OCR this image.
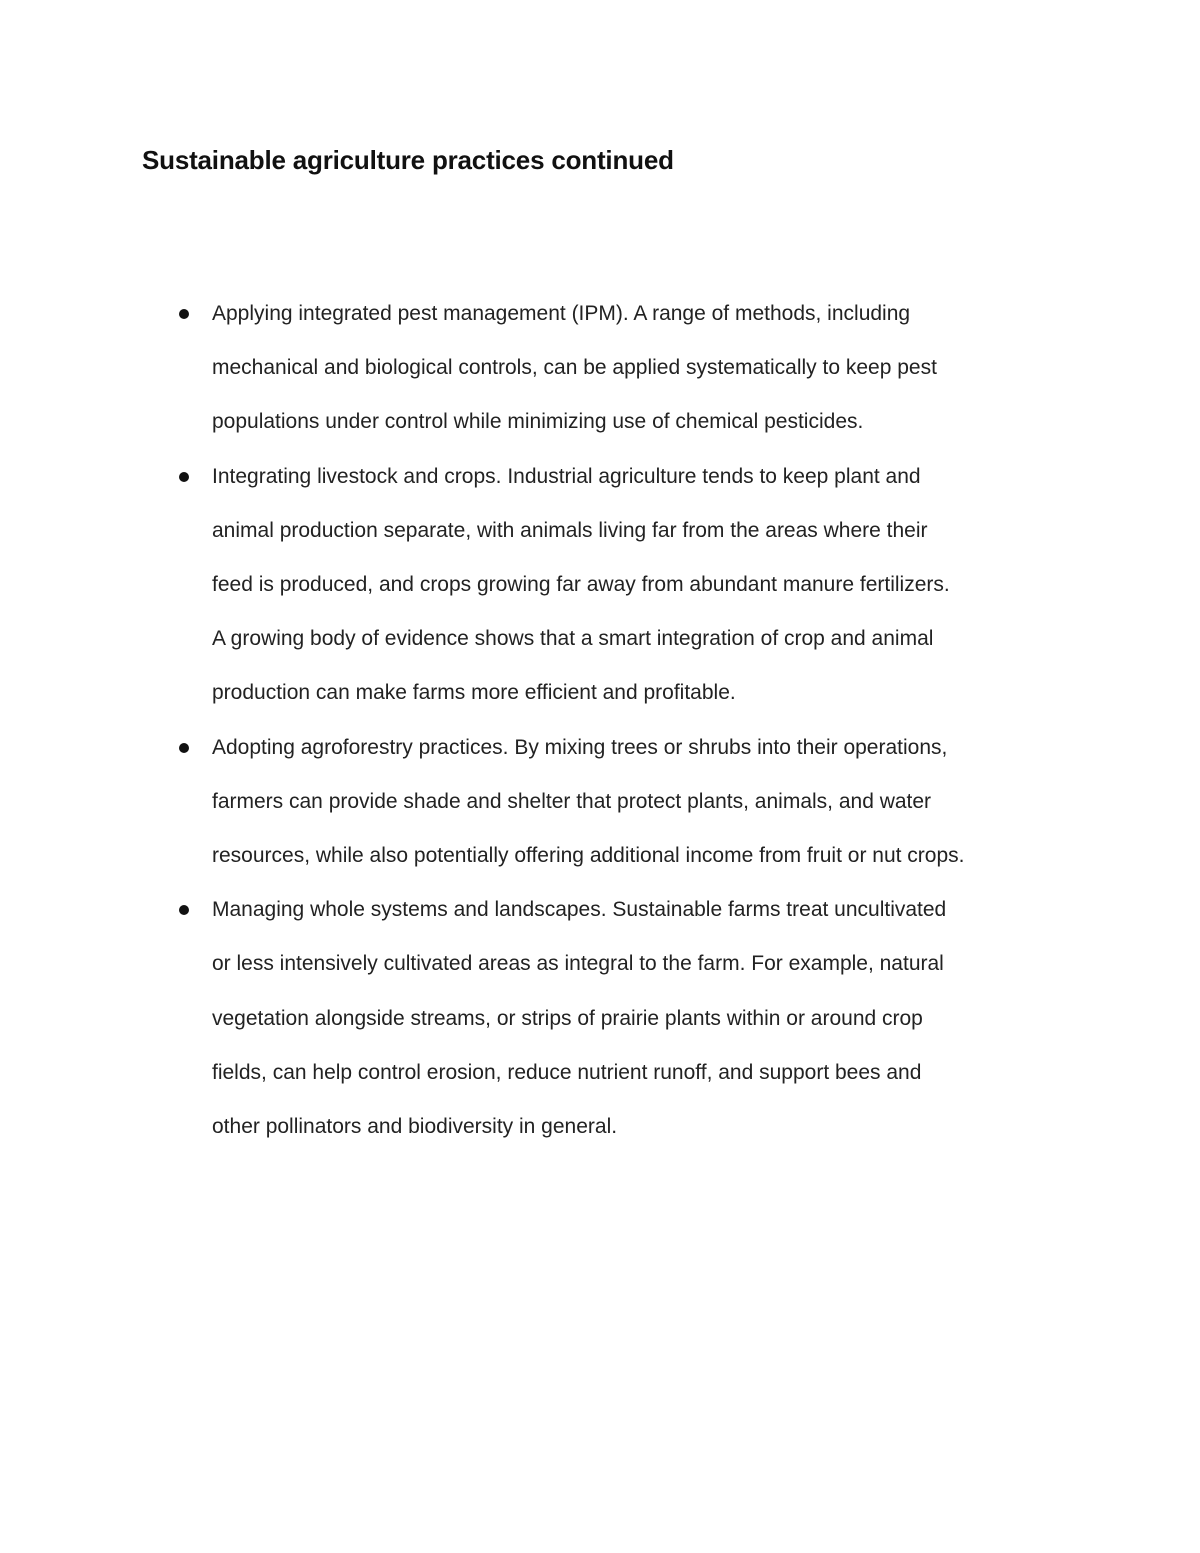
Sustainable agriculture practices continued

Applying integrated pest management (IPM). A range of methods, including
mechanical and biological controls, can be applied systematically to keep pest
populations under control while minimizing use of chemical pesticides.

Integrating livestock and crops. Industrial agriculture tends to keep plant and
animal production separate, with animals living far from the areas where their
feed is produced, and crops growing far away from abundant manure fertilizers.
A growing body of evidence shows that a smart integration of crop and animal
production can make farms more efficient and profitable.

Adopting agroforestry practices. By mixing trees or shrubs into their operations,
farmers can provide shade and shelter that protect plants, animals, and water
resources, while also potentially offering additional income from fruit or nut crops.

Managing whole systems and landscapes. Sustainable farms treat uncultivated
or less intensively cultivated areas as integral to the farm. For example, natural
vegetation alongside streams, or strips of prairie plants within or around crop
fields, can help control erosion, reduce nutrient runoff, and support bees and
other pollinators and biodiversity in general.
